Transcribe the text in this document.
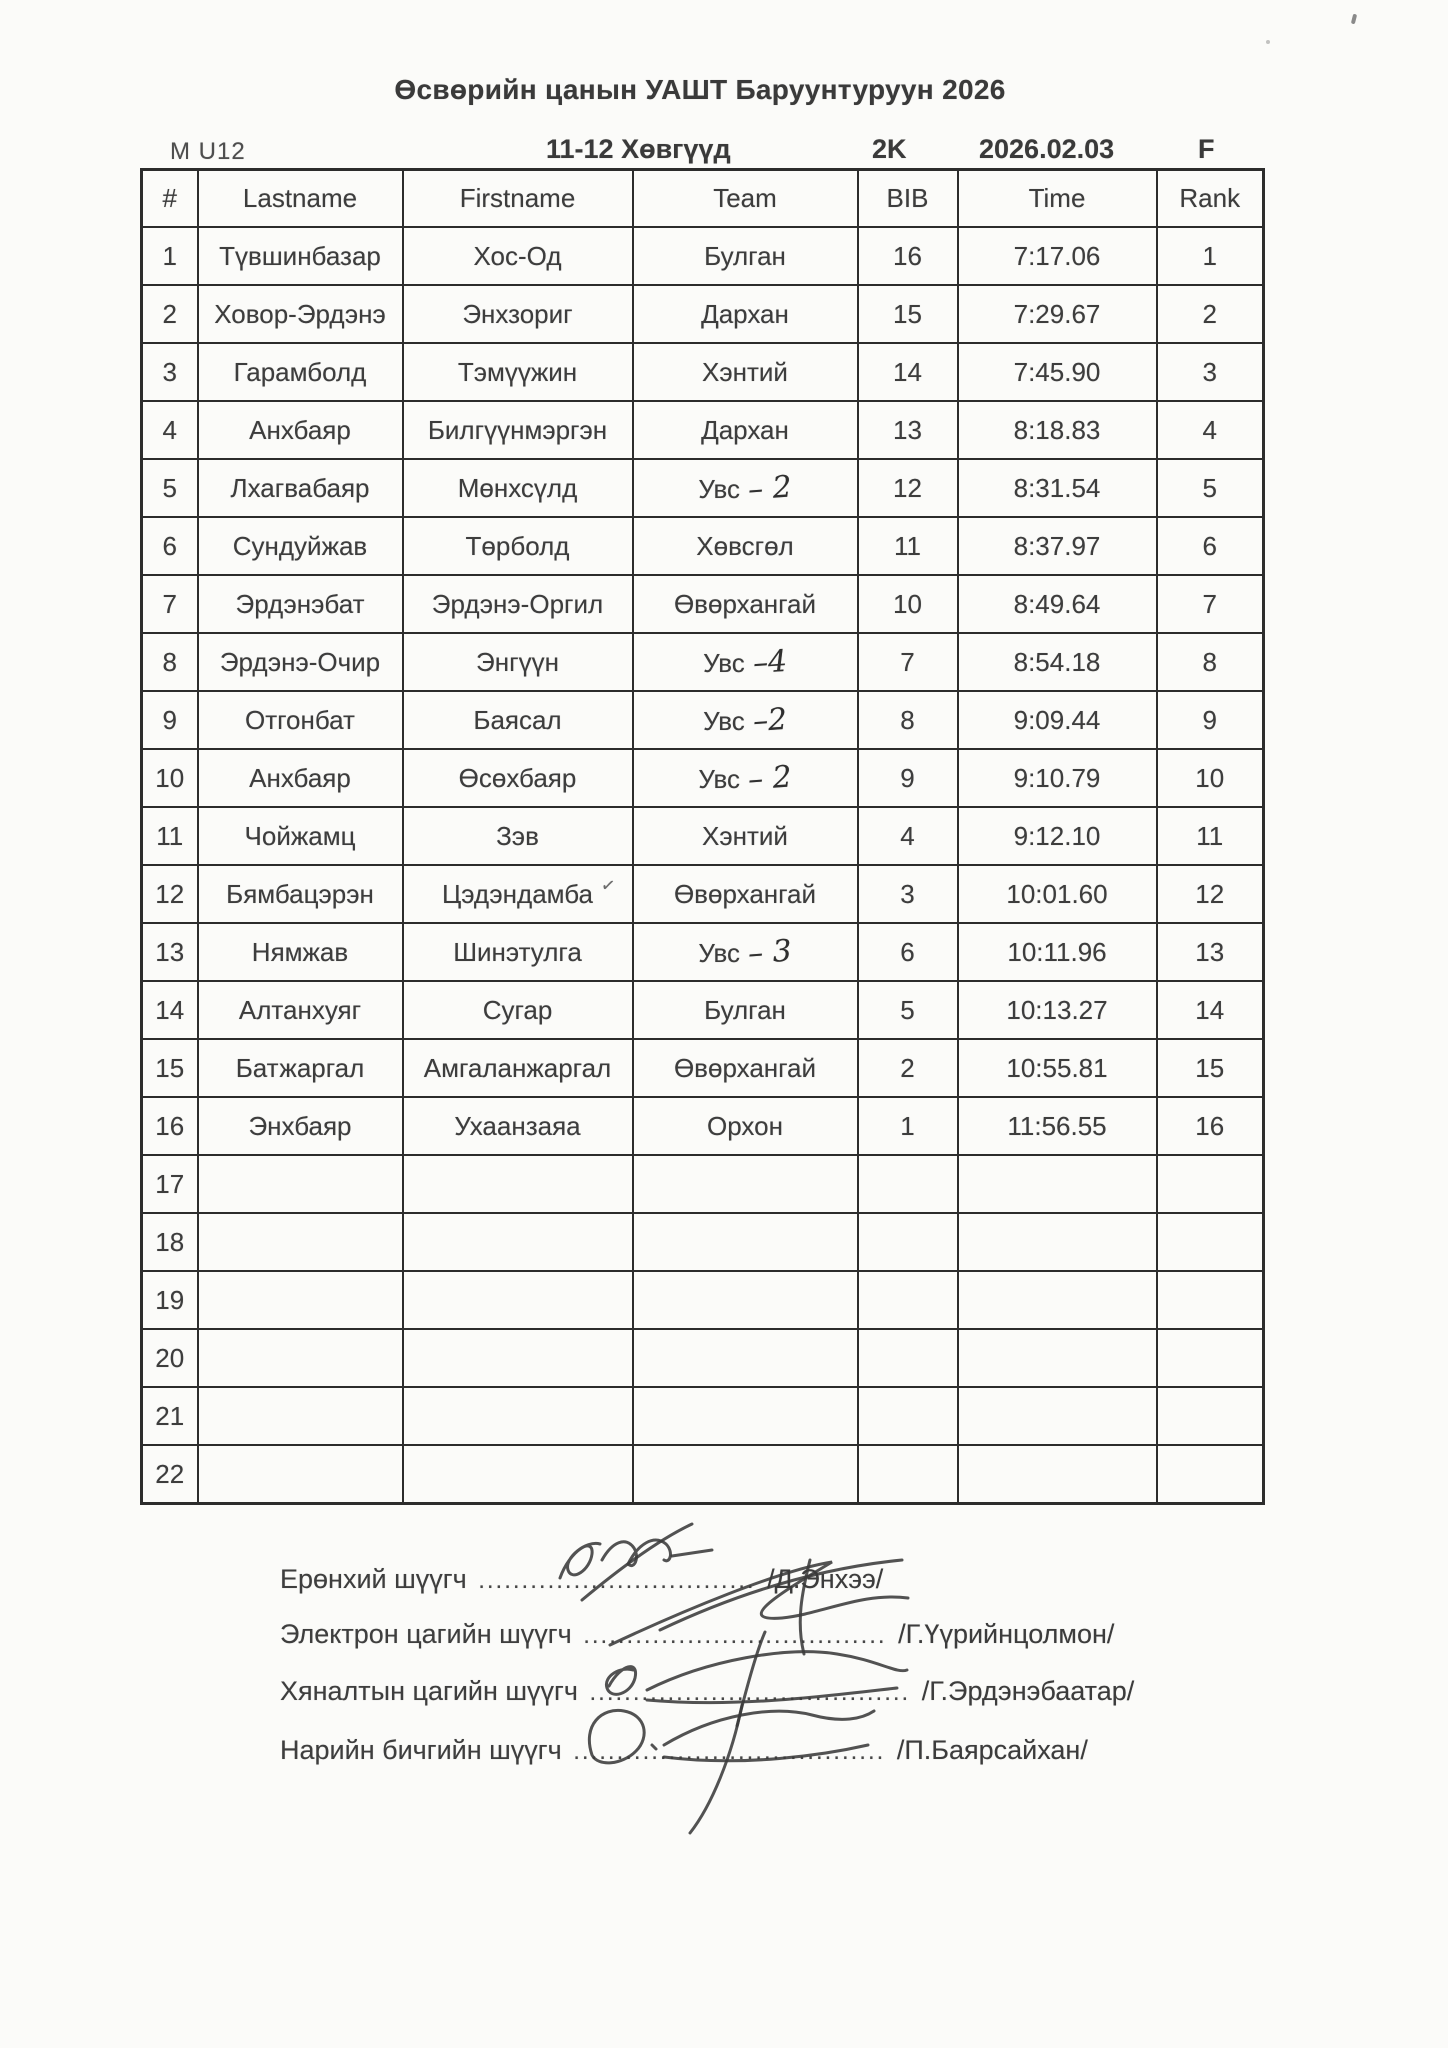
Өсвөрийн цанын УАШТ Баруунтуруун 2026
M U12	11-12 Хөвгүүд	2K	2026.02.03	F
#	Lastname	Firstname	Team	BIB	Time	Rank
1	Түвшинбазар	Хос-Од	Булган	16	7:17.06	1
2	Ховор-Эрдэнэ	Энхзориг	Дархан	15	7:29.67	2
3	Гарамболд	Тэмүүжин	Хэнтий	14	7:45.90	3
4	Анхбаяр	Билгүүнмэргэн	Дархан	13	8:18.83	4
5	Лхагвабаяр	Мөнхсүлд	Увс – 2	12	8:31.54	5
6	Сундуйжав	Төрболд	Хөвсгөл	11	8:37.97	6
7	Эрдэнэбат	Эрдэнэ-Оргил	Өвөрхангай	10	8:49.64	7
8	Эрдэнэ-Очир	Энгүүн	Увс –4	7	8:54.18	8
9	Отгонбат	Баясал	Увс –2	8	9:09.44	9
10	Анхбаяр	Өсөхбаяр	Увс – 2	9	9:10.79	10
11	Чойжамц	Зэв	Хэнтий	4	9:12.10	11
12	Бямбацэрэн	Цэдэндамба ✓	Өвөрхангай	3	10:01.60	12
13	Нямжав	Шинэтулга	Увс – 3	6	10:11.96	13
14	Алтанхуяг	Сугар	Булган	5	10:13.27	14
15	Батжаргал	Амгаланжаргал	Өвөрхангай	2	10:55.81	15
16	Энхбаяр	Ухаанзаяа	Орхон	1	11:56.55	16
17						
18						
19						
20						
21						
22						
Ерөнхий шүүгч ................................ /Д.Энхээ/
Электрон цагийн шүүгч ................................... /Г.Үүрийнцолмон/
Хяналтын цагийн шүүгч ..................................... /Г.Эрдэнэбаатар/
Нарийн бичгийн шүүгч .................................... /П.Баярсайхан/
